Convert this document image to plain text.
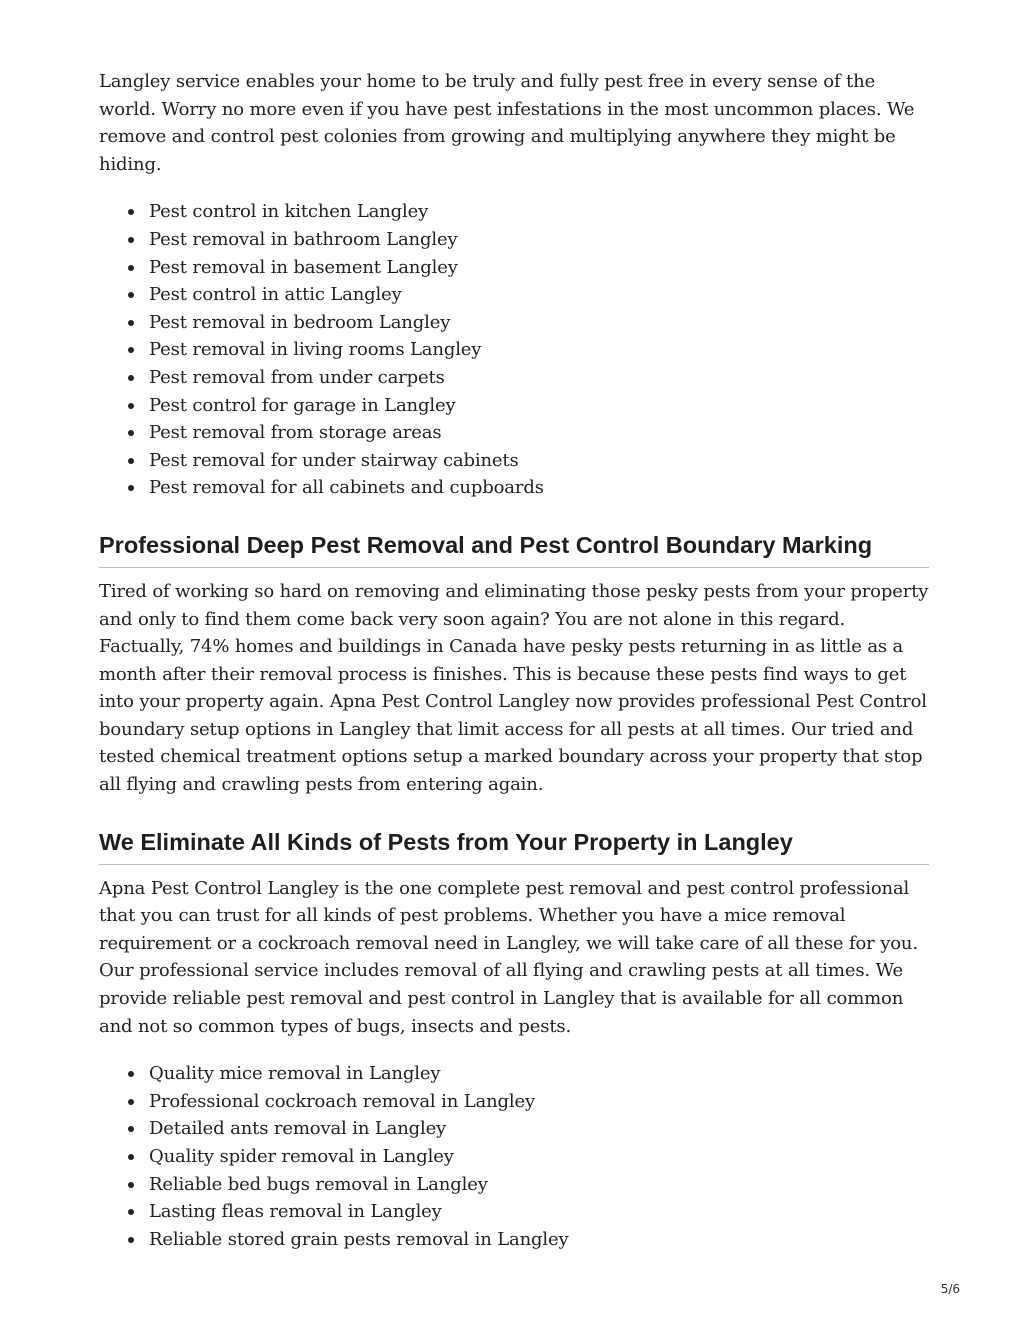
Langley service enables your home to be truly and fully pest free in every sense of the world. Worry no more even if you have pest infestations in the most uncommon places. We remove and control pest colonies from growing and multiplying anywhere they might be hiding.

Pest control in kitchen Langley
Pest removal in bathroom Langley
Pest removal in basement Langley
Pest control in attic Langley
Pest removal in bedroom Langley
Pest removal in living rooms Langley
Pest removal from under carpets
Pest control for garage in Langley
Pest removal from storage areas
Pest removal for under stairway cabinets
Pest removal for all cabinets and cupboards
Professional Deep Pest Removal and Pest Control Boundary Marking

Tired of working so hard on removing and eliminating those pesky pests from your property and only to find them come back very soon again? You are not alone in this regard. Factually, 74% homes and buildings in Canada have pesky pests returning in as little as a month after their removal process is finishes. This is because these pests find ways to get into your property again. Apna Pest Control Langley now provides professional Pest Control boundary setup options in Langley that limit access for all pests at all times. Our tried and tested chemical treatment options setup a marked boundary across your property that stop all flying and crawling pests from entering again.

We Eliminate All Kinds of Pests from Your Property in Langley

Apna Pest Control Langley is the one complete pest removal and pest control professional that you can trust for all kinds of pest problems. Whether you have a mice removal requirement or a cockroach removal need in Langley, we will take care of all these for you. Our professional service includes removal of all flying and crawling pests at all times. We provide reliable pest removal and pest control in Langley that is available for all common and not so common types of bugs, insects and pests.

Quality mice removal in Langley
Professional cockroach removal in Langley
Detailed ants removal in Langley
Quality spider removal in Langley
Reliable bed bugs removal in Langley
Lasting fleas removal in Langley
Reliable stored grain pests removal in Langley
5/6
